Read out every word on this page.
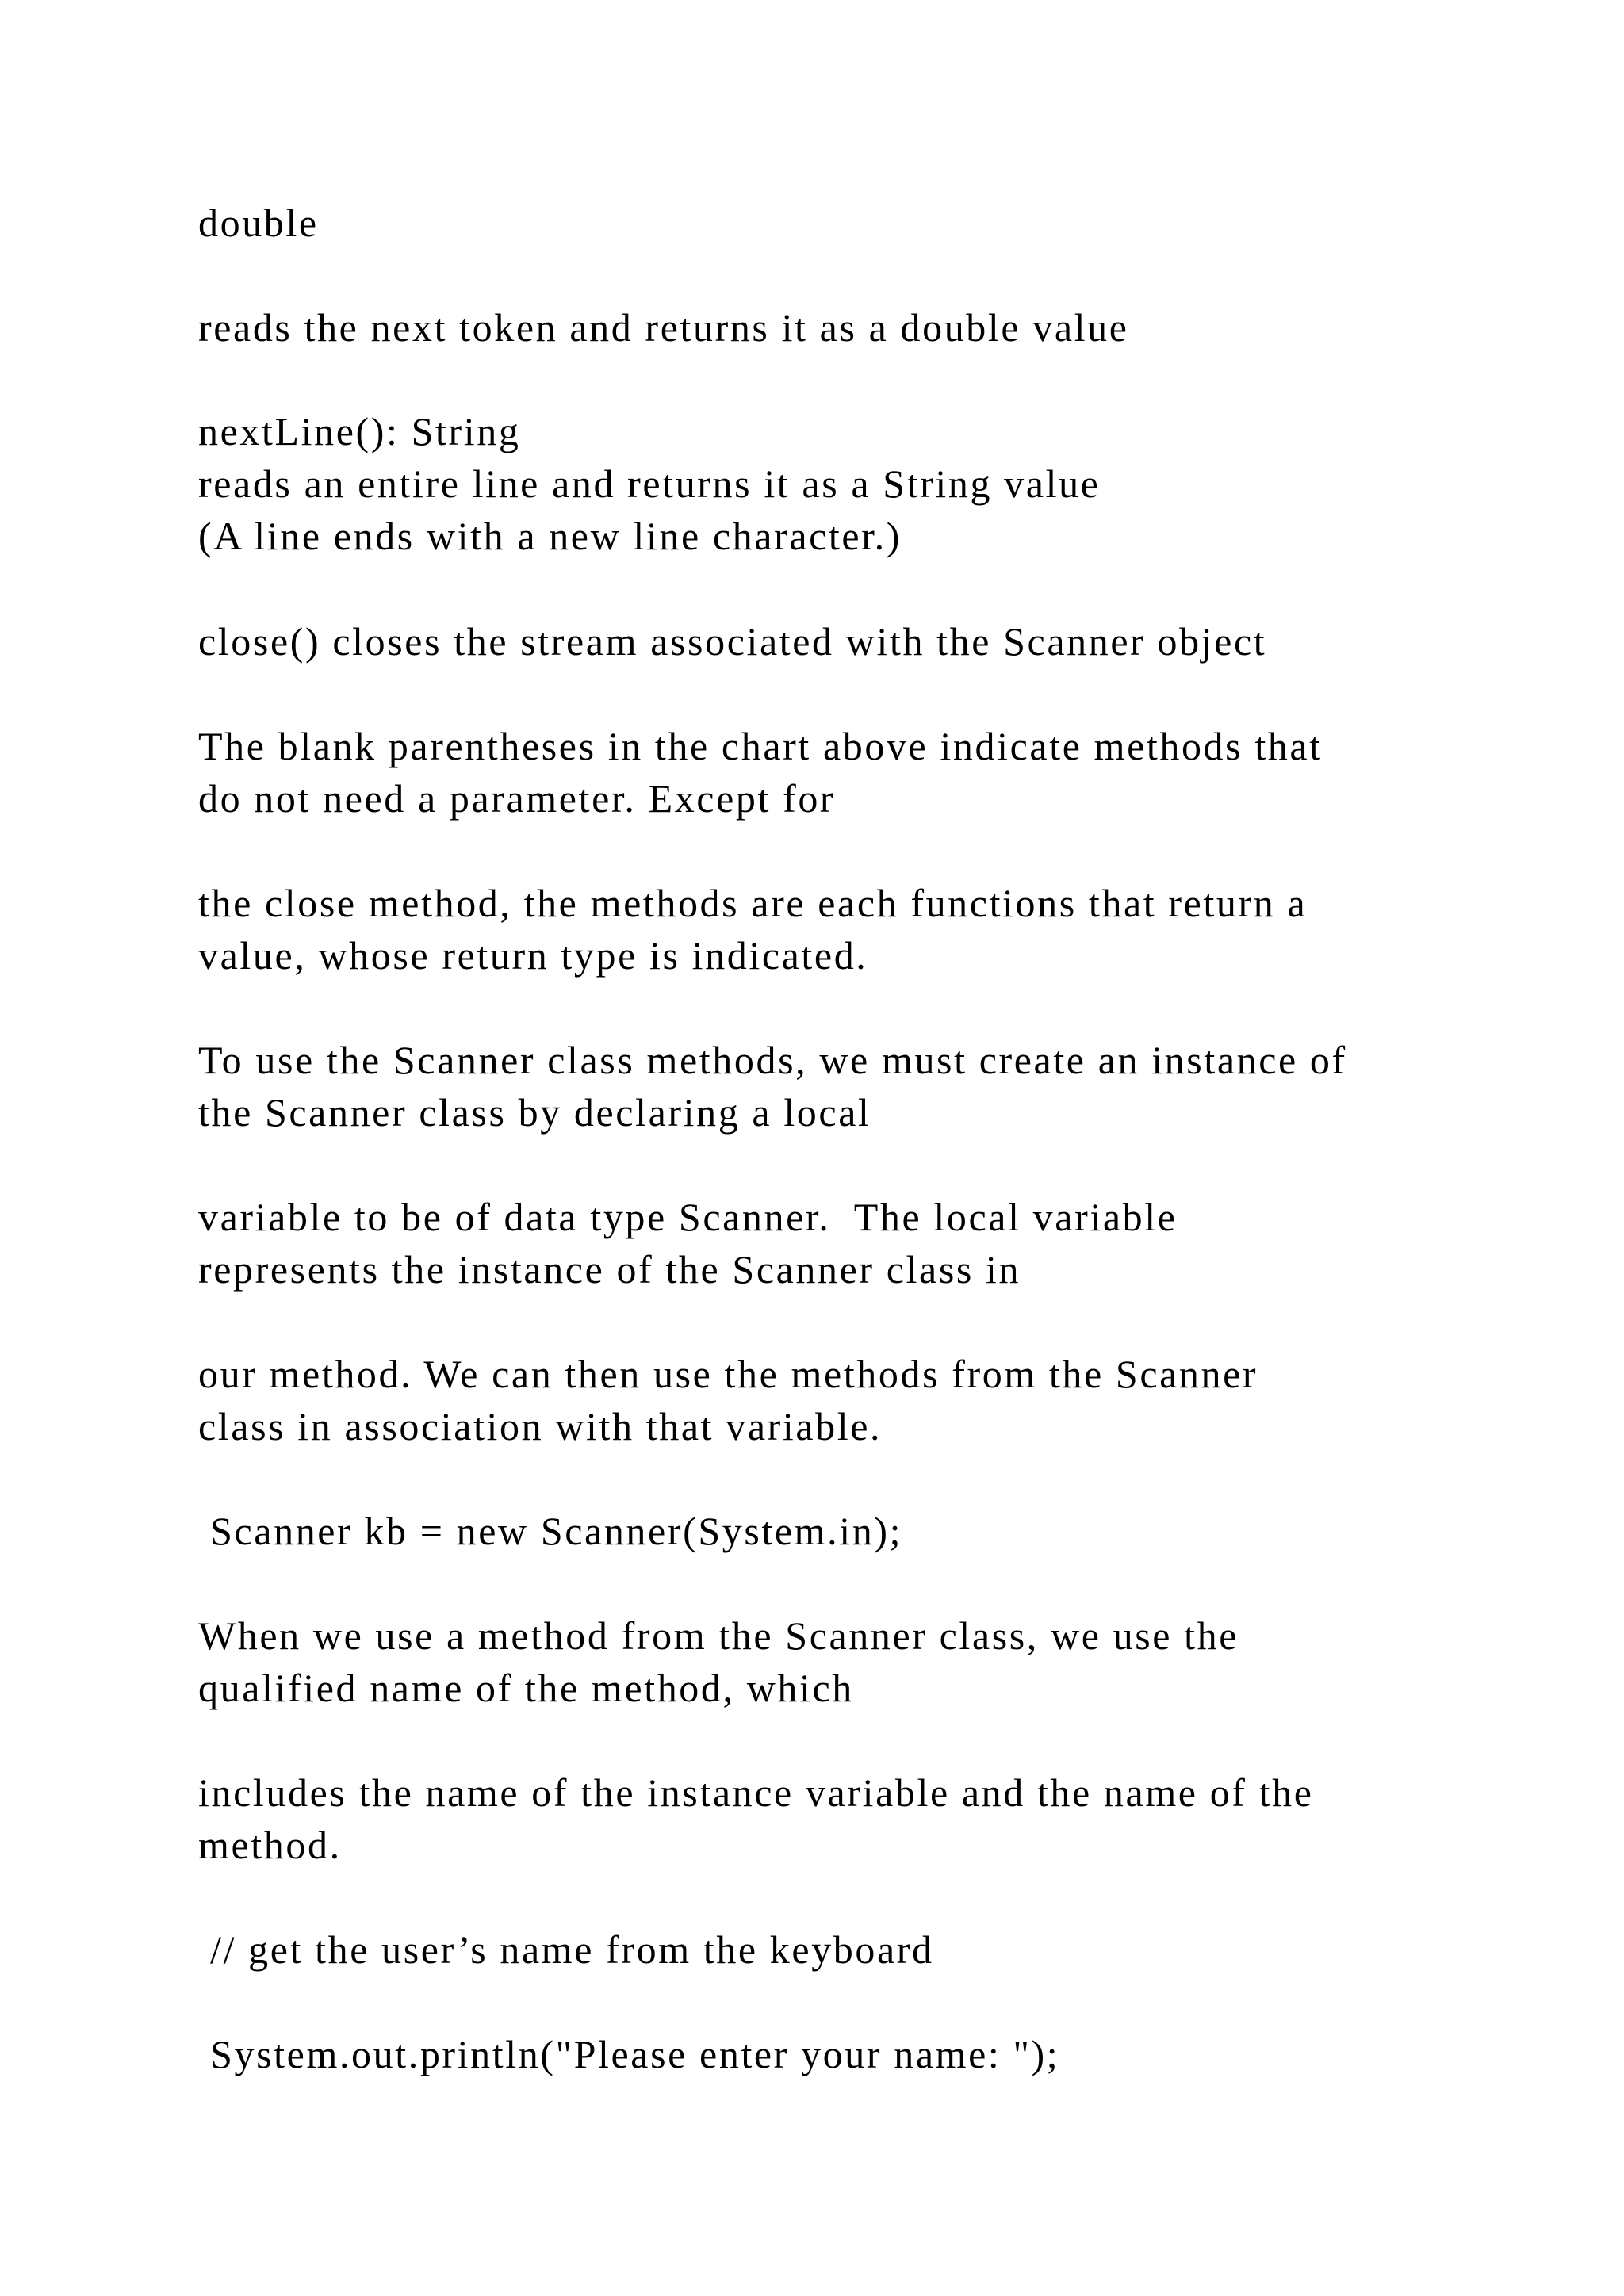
double

reads the next token and returns it as a double value

nextLine(): String
reads an entire line and returns it as a String value
(A line ends with a new line character.)

close() closes the stream associated with the Scanner object

The blank parentheses in the chart above indicate methods that
do not need a parameter. Except for

the close method, the methods are each functions that return a
value, whose return type is indicated.

To use the Scanner class methods, we must create an instance of
the Scanner class by declaring a local

variable to be of data type Scanner.  The local variable
represents the instance of the Scanner class in

our method. We can then use the methods from the Scanner
class in association with that variable.

Scanner kb = new Scanner(System.in);

When we use a method from the Scanner class, we use the
qualified name of the method, which

includes the name of the instance variable and the name of the
method.

// get the user’s name from the keyboard

System.out.println("Please enter your name: ");
